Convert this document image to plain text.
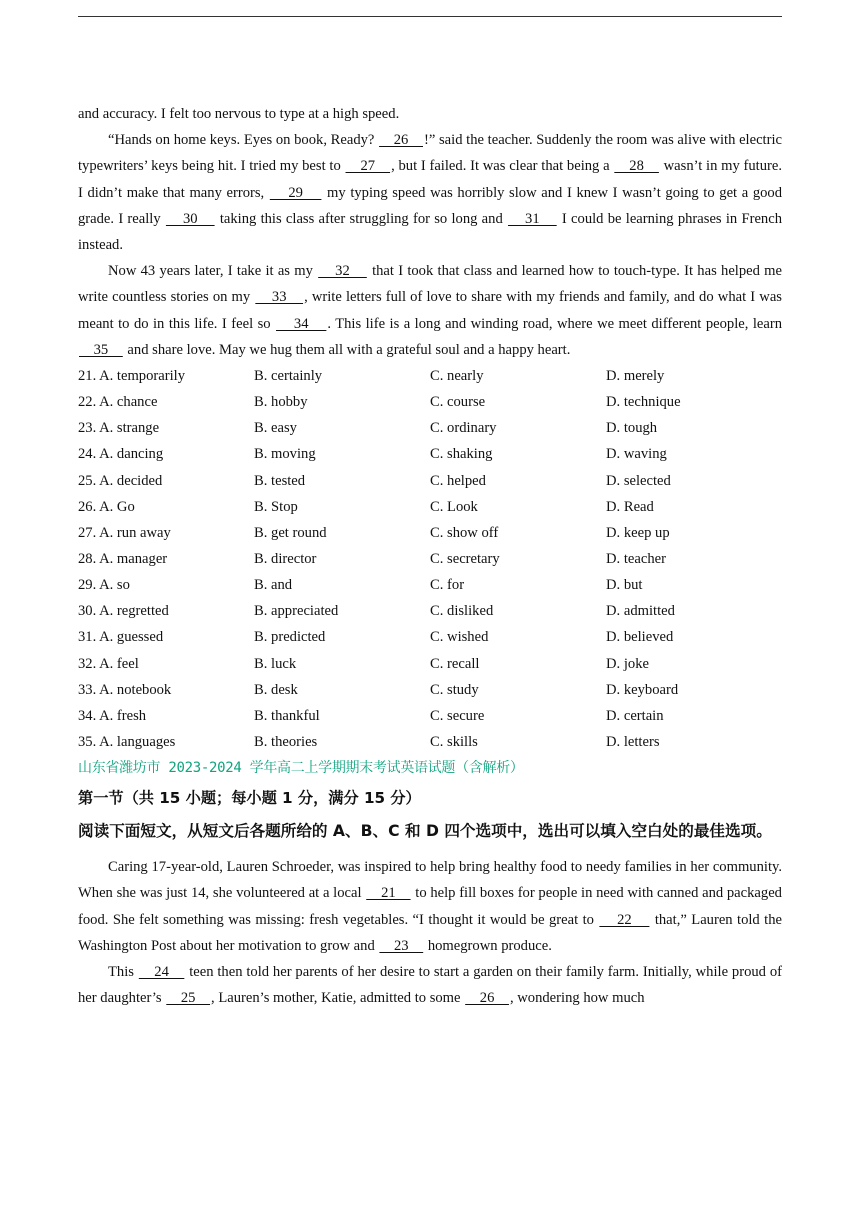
and accuracy. I felt too nervous to type at a high speed.

“Hands on home keys. Eyes on book, Ready?     26    !” said the teacher. Suddenly the room was alive with electric typewriters’ keys being hit. I tried my best to     27    , but I failed. It was clear that being a     28     wasn’t in my future. I didn’t make that many errors,     29     my typing speed was horribly slow and I knew I wasn’t going to get a good grade. I really     30     taking this class after struggling for so long and     31     I could be learning phrases in French instead.

Now 43 years later, I take it as my     32     that I took that class and learned how to touch-type. It has helped me write countless stories on my     33    , write letters full of love to share with my friends and family, and do what I was meant to do in this life. I feel so     34    . This life is a long and winding road, where we meet different people, learn     35     and share love. May we hug them all with a grateful soul and a happy heart.

21. A. temporarily	B. certainly	C. nearly	D. merely
22. A. chance	B. hobby	C. course	D. technique
23. A. strange	B. easy	C. ordinary	D. tough
24. A. dancing	B. moving	C. shaking	D. waving
25. A. decided	B. tested	C. helped	D. selected
26. A. Go	B. Stop	C. Look	D. Read
27. A. run away	B. get round	C. show off	D. keep up
28. A. manager	B. director	C. secretary	D. teacher
29. A. so	B. and	C. for	D. but
30. A. regretted	B. appreciated	C. disliked	D. admitted
31. A. guessed	B. predicted	C. wished	D. believed
32. A. feel	B. luck	C. recall	D. joke
33. A. notebook	B. desk	C. study	D. keyboard
34. A. fresh	B. thankful	C. secure	D. certain
35. A. languages	B. theories	C. skills	D. letters
山东省潍坊市 2023-2024 学年高二上学期期末考试英语试题（含解析）
第一节（共 15 小题；每小题 1 分，满分 15 分）
阅读下面短文，从短文后各题所给的 A、B、C 和 D 四个选项中，选出可以填入空白处的最佳选项。

Caring 17-year-old, Lauren Schroeder, was inspired to help bring healthy food to needy families in her community. When she was just 14, she volunteered at a local     21     to help fill boxes for people in need with canned and packaged food. She felt something was missing: fresh vegetables. “I thought it would be great to     22     that,” Lauren told the Washington Post about her motivation to grow and     23     homegrown produce.

This     24     teen then told her parents of her desire to start a garden on their family farm. Initially, while proud of her daughter’s     25    , Lauren’s mother, Katie, admitted to some     26    , wondering how much
